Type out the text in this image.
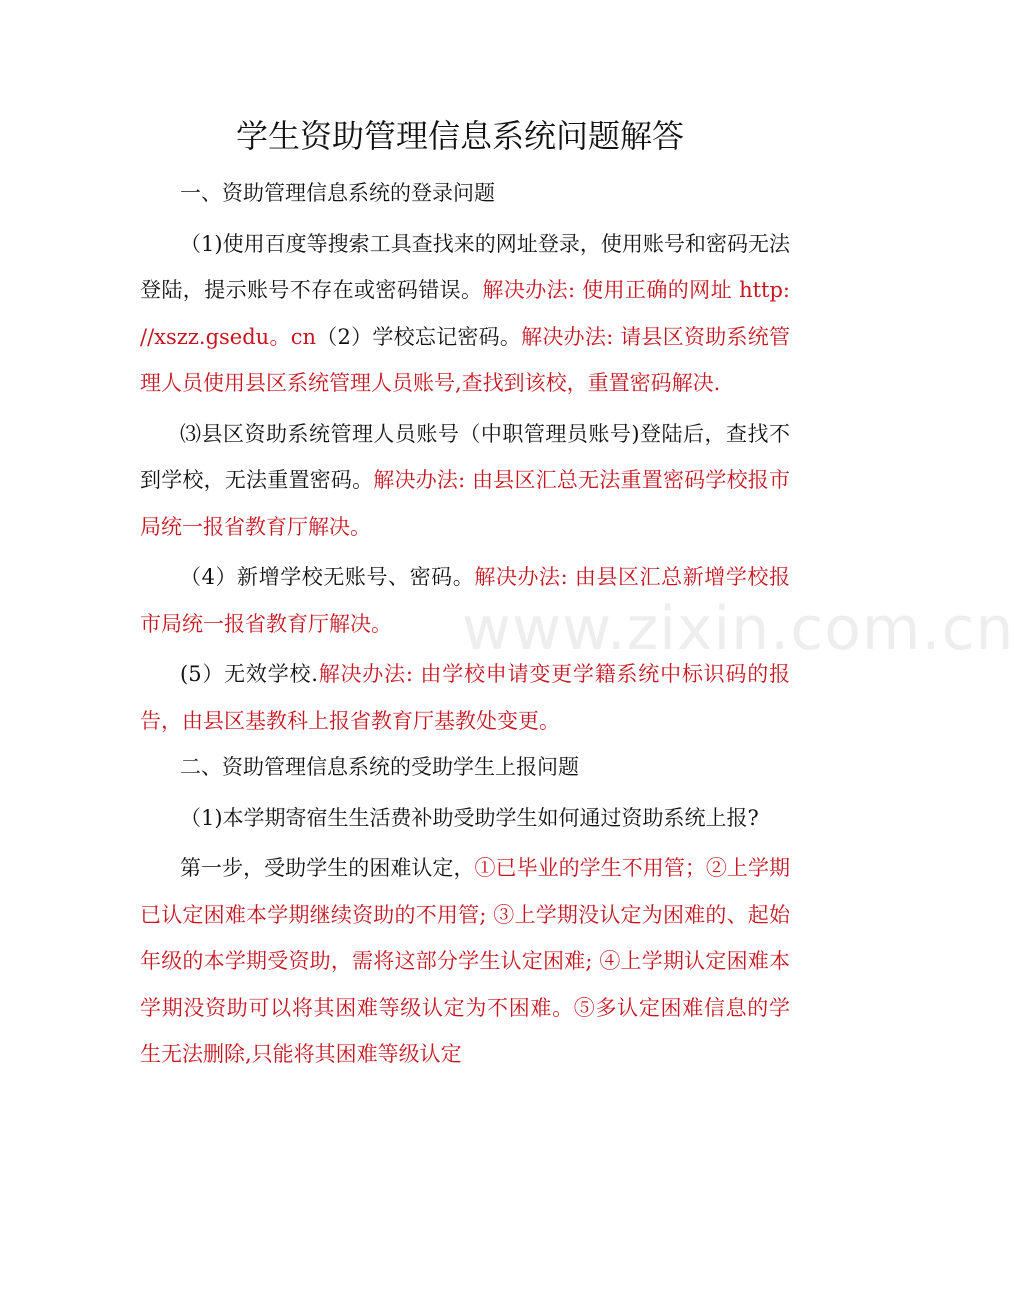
学生资助管理信息系统问题解答

一、资助管理信息系统的登录问题

（1)使用百度等搜索工具查找来的网址登录，使用账号和密码无法登陆，提示账号不存在或密码错误。解决办法: 使用正确的网址 http: //xszz.gsedu。cn（2）学校忘记密码。解决办法: 请县区资助系统管理人员使用县区系统管理人员账号,查找到该校，重置密码解决.

⑶县区资助系统管理人员账号（中职管理员账号)登陆后，查找不到学校，无法重置密码。解决办法: 由县区汇总无法重置密码学校报市局统一报省教育厅解决。

（4）新增学校无账号、密码。解决办法: 由县区汇总新增学校报市局统一报省教育厅解决。

(5）无效学校.解决办法: 由学校申请变更学籍系统中标识码的报告，由县区基教科上报省教育厅基教处变更。

二、资助管理信息系统的受助学生上报问题

（1)本学期寄宿生生活费补助受助学生如何通过资助系统上报?

第一步，受助学生的困难认定，①已毕业的学生不用管；②上学期已认定困难本学期继续资助的不用管; ③上学期没认定为困难的、起始年级的本学期受资助，需将这部分学生认定困难; ④上学期认定困难本学期没资助可以将其困难等级认定为不困难。⑤多认定困难信息的学生无法删除,只能将其困难等级认定

www.zixin.com.cn
